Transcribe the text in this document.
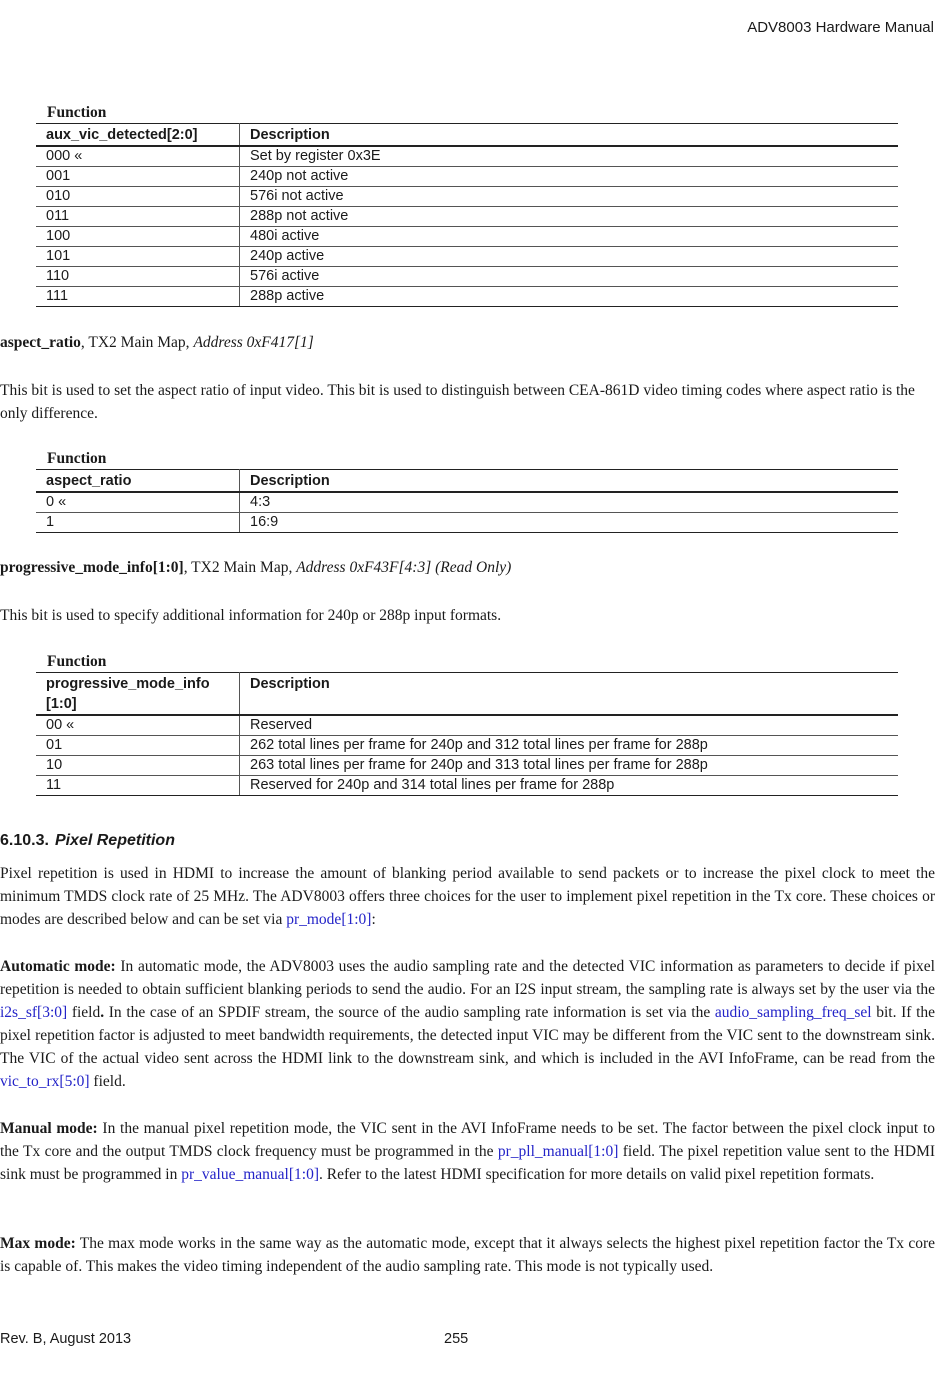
ADV8003 Hardware Manual
Function
aux_vic_detected[2:0]	Description
000 «	Set by register 0x3E
001	240p not active
010	576i not active
011	288p not active
100	480i active
101	240p active
110	576i active
111	288p active
aspect_ratio, TX2 Main Map, Address 0xF417[1]
This bit is used to set the aspect ratio of input video. This bit is used to distinguish between CEA-861D video timing codes where aspect ratio is the only difference.
Function
aspect_ratio	Description
0 «	4:3
1	16:9
progressive_mode_info[1:0], TX2 Main Map, Address 0xF43F[4:3] (Read Only)
This bit is used to specify additional information for 240p or 288p input formats.
Function
progressive_mode_info
[1:0]	Description
00 «	Reserved
01	262 total lines per frame for 240p and 312 total lines per frame for 288p
10	263 total lines per frame for 240p and 313 total lines per frame for 288p
11	Reserved for 240p and 314 total lines per frame for 288p
6.10.3. Pixel Repetition
Pixel repetition is used in HDMI to increase the amount of blanking period available to send packets or to increase the pixel clock to meet the minimum TMDS clock rate of 25 MHz. The ADV8003 offers three choices for the user to implement pixel repetition in the Tx core. These choices or modes are described below and can be set via pr_mode[1:0]:
Automatic mode: In automatic mode, the ADV8003 uses the audio sampling rate and the detected VIC information as parameters to decide if pixel repetition is needed to obtain sufficient blanking periods to send the audio. For an I2S input stream, the sampling rate is always set by the user via the i2s_sf[3:0] field. In the case of an SPDIF stream, the source of the audio sampling rate information is set via the audio_sampling_freq_sel bit. If the pixel repetition factor is adjusted to meet bandwidth requirements, the detected input VIC may be different from the VIC sent to the downstream sink. The VIC of the actual video sent across the HDMI link to the downstream sink, and which is included in the AVI InfoFrame, can be read from the vic_to_rx[5:0] field.
Manual mode: In the manual pixel repetition mode, the VIC sent in the AVI InfoFrame needs to be set. The factor between the pixel clock input to the Tx core and the output TMDS clock frequency must be programmed in the pr_pll_manual[1:0] field. The pixel repetition value sent to the HDMI sink must be programmed in pr_value_manual[1:0]. Refer to the latest HDMI specification for more details on valid pixel repetition formats.
Max mode: The max mode works in the same way as the automatic mode, except that it always selects the highest pixel repetition factor the Tx core is capable of. This makes the video timing independent of the audio sampling rate. This mode is not typically used.
Rev. B, August 2013	255
